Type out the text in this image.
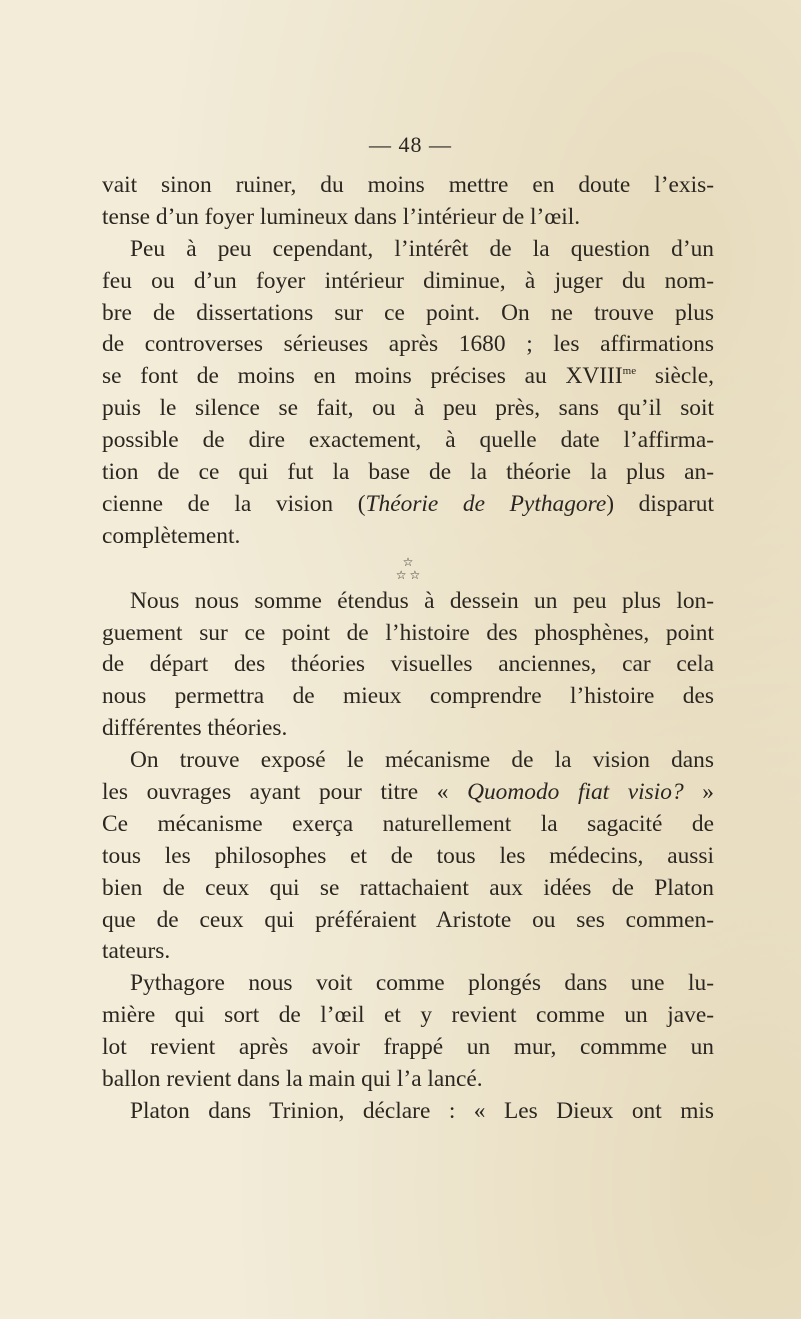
— 48 —
vait sinon ruiner, du moins mettre en doute l’exis-
tense d’un foyer lumineux dans l’intérieur de l’œil.
Peu à peu cependant, l’intérêt de la question d’un
feu ou d’un foyer intérieur diminue, à juger du nom-
bre de dissertations sur ce point. On ne trouve plus
de controverses sérieuses après 1680 ; les affirmations
se font de moins en moins précises au $XVIII^{me}$ siècle,
puis le silence se fait, ou à peu près, sans qu’il soit
possible de dire exactement, à quelle date l’affirma-
tion de ce qui fut la base de la théorie la plus an-
cienne de la vision (Théorie de Pythagore) disparut
complètement.
☆
☆ ☆
Nous nous somme étendus à dessein un peu plus lon-
guement sur ce point de l’histoire des phosphènes, point
de départ des théories visuelles anciennes, car cela
nous permettra de mieux comprendre l’histoire des
différentes théories.
On trouve exposé le mécanisme de la vision dans
les ouvrages ayant pour titre « Quomodo fiat visio? »
Ce mécanisme exerça naturellement la sagacité de
tous les philosophes et de tous les médecins, aussi
bien de ceux qui se rattachaient aux idées de Platon
que de ceux qui préféraient Aristote ou ses commen-
tateurs.
Pythagore nous voit comme plongés dans une lu-
mière qui sort de l’œil et y revient comme un jave-
lot revient après avoir frappé un mur, commme un
ballon revient dans la main qui l’a lancé.
Platon dans Trinion, déclare : « Les Dieux ont mis
